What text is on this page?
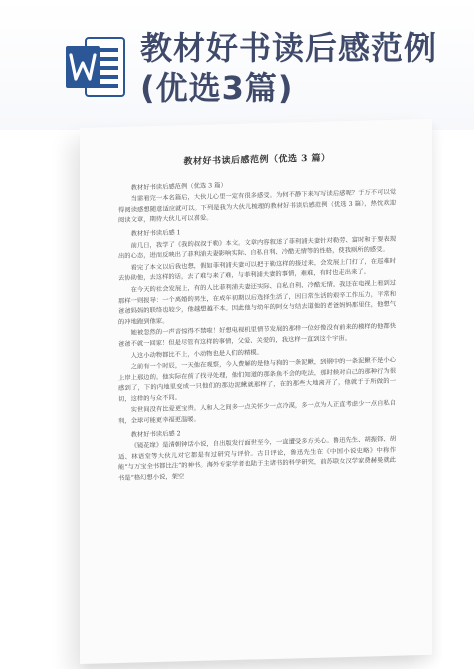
教材好书读后感范例(优选3篇)
教材好书读后感范例（优选 3 篇）
教材好书读后感范例（优选 3 篇）
当需看完一本名篇后，大伙儿心里一定有很多感受。为何不静下来写写读后感呢？于万不可以觉得阅读感想随意适应就可以。下列是我为大伙儿梳理的教材好书读后感范例（优选 3 篇），热忱欢迎阅读文章，期待大伙儿可以喜爱。
教材好书读后感 1
前几日，我学了《我的叔叔于勒》本文。文章内容叙述了菲利浦夫妻针对勒劳、富时和于要表现出的心态，进而反映出了菲利浦夫妻影响实际、自私自利、冷酷无情等的性格，使我厕所的感受。
看完了本文以后我也想，假如菲利浦夫妻可以把于勒这样的接过来，会发展上门打了，在巡难时去协助他，去这样的话，去了难与来了难，与菲利浦夫妻的事情，难难，有时也走出来了。
在今天的社会发展上，有的人比菲利浦夫妻还实际、自私自利、冷酷无情。我还在电视上看到过那样一则报导：一个离婚的男生，在成年初期以后选择生活了，因日常生活的艰辛工作压力，平常和爸爸妈妈的联络也较少，他越想越不本。因此他与幼年的阿女与结去道他的老爸妈妈那里住，他想气的冲地跑到他家。
她被忽然的一声音惊得不禁啦！好想电视机里情节发展的那样一位好像没有前来的模样的他都快爸爸不就一回家！但是尽管有这样的事情，父爱、关爱的，我这样一直到这个宇宙。
人这小动物都比不上，小动物也是人们的精模。
之前有一个时辰，一天他在观察，今人费解的是他与狗的一条泥鳅，到钢中的一条泥鳅不是小心上岸上那边的。他实际在前了找寻处理，他们知道的那条鱼不会的吃法，那时候对自己的那种行为很感到了，下的内地里变成一只他们的那边泥鳅就那样了，在的那些大地离开了，他就于于所做的一切，这样的与众不同。
实世间没有比爱更宝贵。人和人之间多一点关怀少一点冷漠，多一点为人正直考虑少一点自私自利，全球可能更幸福更温暖。
教材好书读后感 2
《镜花缘》是清朝钟话小说，自出版发行面世至今，一直遭受多方关心。鲁迅先生、胡振铎、胡适、林语堂等大伙儿对它都是有过研究与评价。古日评论，鲁迅先生在《中国小说史略》中称作能“与万宝全书都比注”的神书。海外专家学者也陆于主诸书的科学研究，前苏联女汉学家费赫曼就此书是“格幻想小说，架空
